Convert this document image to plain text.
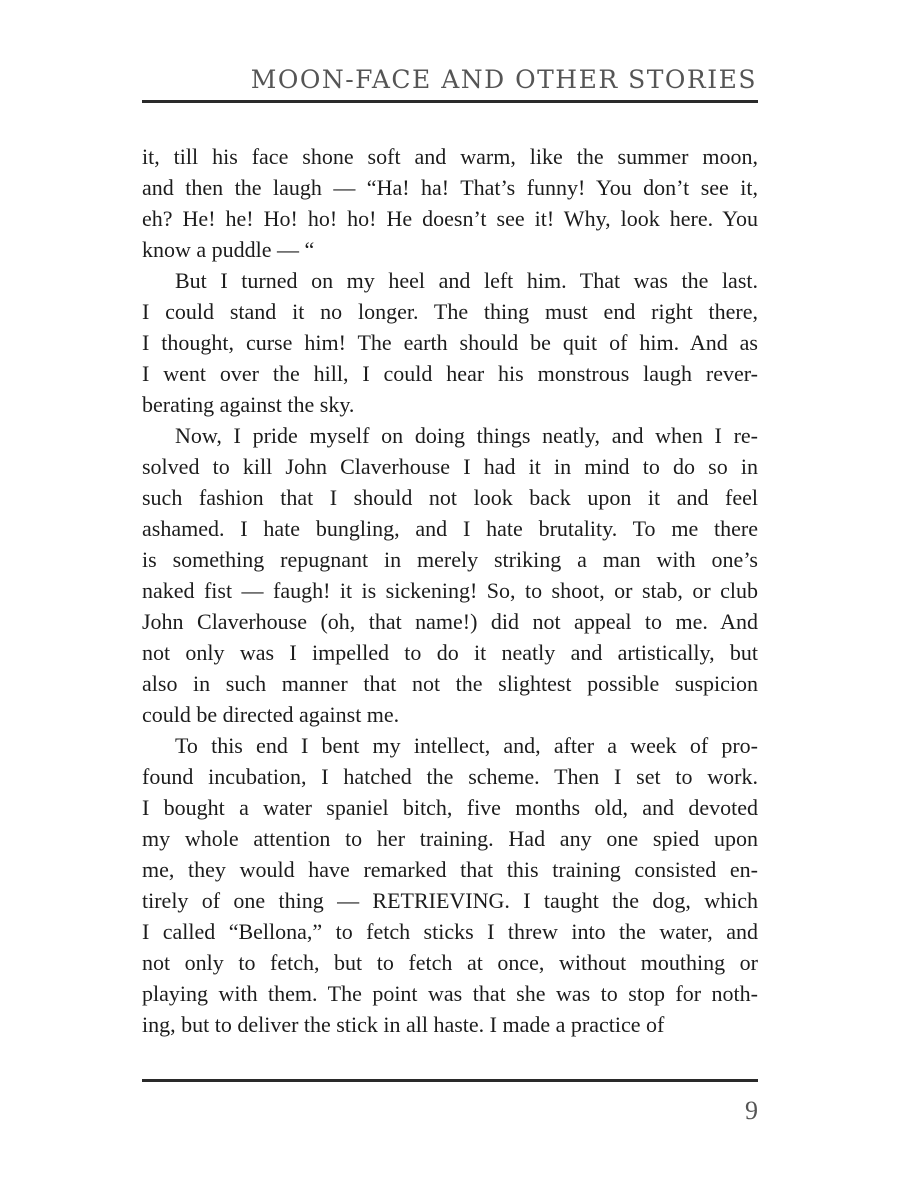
MOON-FACE AND OTHER STORIES

it, till his face shone soft and warm, like the summer moon,
and then the laugh — “Ha! ha! That’s funny! You don’t see it,
eh? He! he! Ho! ho! ho! He doesn’t see it! Why, look here. You
know a puddle — “

But I turned on my heel and left him. That was the last.
I could stand it no longer. The thing must end right there,
I thought, curse him! The earth should be quit of him. And as
I went over the hill, I could hear his monstrous laugh rever-
berating against the sky.

Now, I pride myself on doing things neatly, and when I re-
solved to kill John Claverhouse I had it in mind to do so in
such fashion that I should not look back upon it and feel
ashamed. I hate bungling, and I hate brutality. To me there
is something repugnant in merely striking a man with one’s
naked fist — faugh! it is sickening! So, to shoot, or stab, or club
John Claverhouse (oh, that name!) did not appeal to me. And
not only was I impelled to do it neatly and artistically, but
also in such manner that not the slightest possible suspicion
could be directed against me.

To this end I bent my intellect, and, after a week of pro-
found incubation, I hatched the scheme. Then I set to work.
I bought a water spaniel bitch, five months old, and devoted
my whole attention to her training. Had any one spied upon
me, they would have remarked that this training consisted en-
tirely of one thing — RETRIEVING. I taught the dog, which
I called “Bellona,” to fetch sticks I threw into the water, and
not only to fetch, but to fetch at once, without mouthing or
playing with them. The point was that she was to stop for noth-
ing, but to deliver the stick in all haste. I made a practice of

9
